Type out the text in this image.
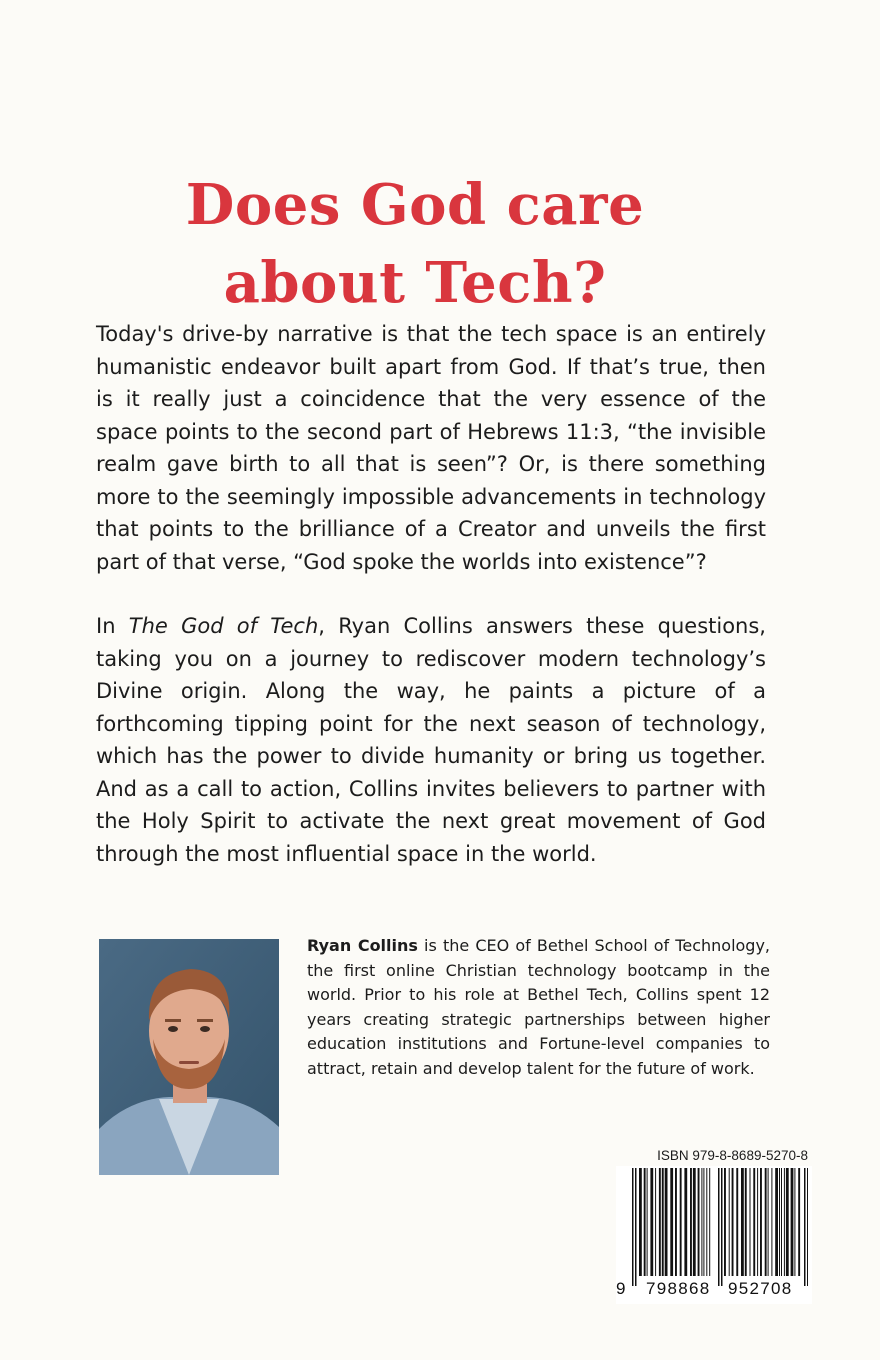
Does God care
about Tech?

Today's drive-by narrative is that the tech space is an entirely humanistic endeavor built apart from God. If that’s true, then is it really just a coincidence that the very essence of the space points to the second part of Hebrews 11:3, “the invisible realm gave birth to all that is seen”? Or, is there something more to the seemingly impossible advancements in technology that points to the brilliance of a Creator and unveils the first part of that verse, “God spoke the worlds into existence”?

In The God of Tech, Ryan Collins answers these questions, taking you on a journey to rediscover modern technology’s Divine origin. Along the way, he paints a picture of a forthcoming tipping point for the next season of technology, which has the power to divide humanity or bring us together. And as a call to action, Collins invites believers to partner with the Holy Spirit to activate the next great movement of God through the most influential space in the world.

Ryan Collins is the CEO of Bethel School of Technology, the first online Christian technology bootcamp in the world. Prior to his role at Bethel Tech, Collins spent 12 years creating strategic partnerships between higher education institutions and Fortune-level companies to attract, retain and develop talent for the future of work.

ISBN 979-8-8689-5270-8
9 798868 952708
